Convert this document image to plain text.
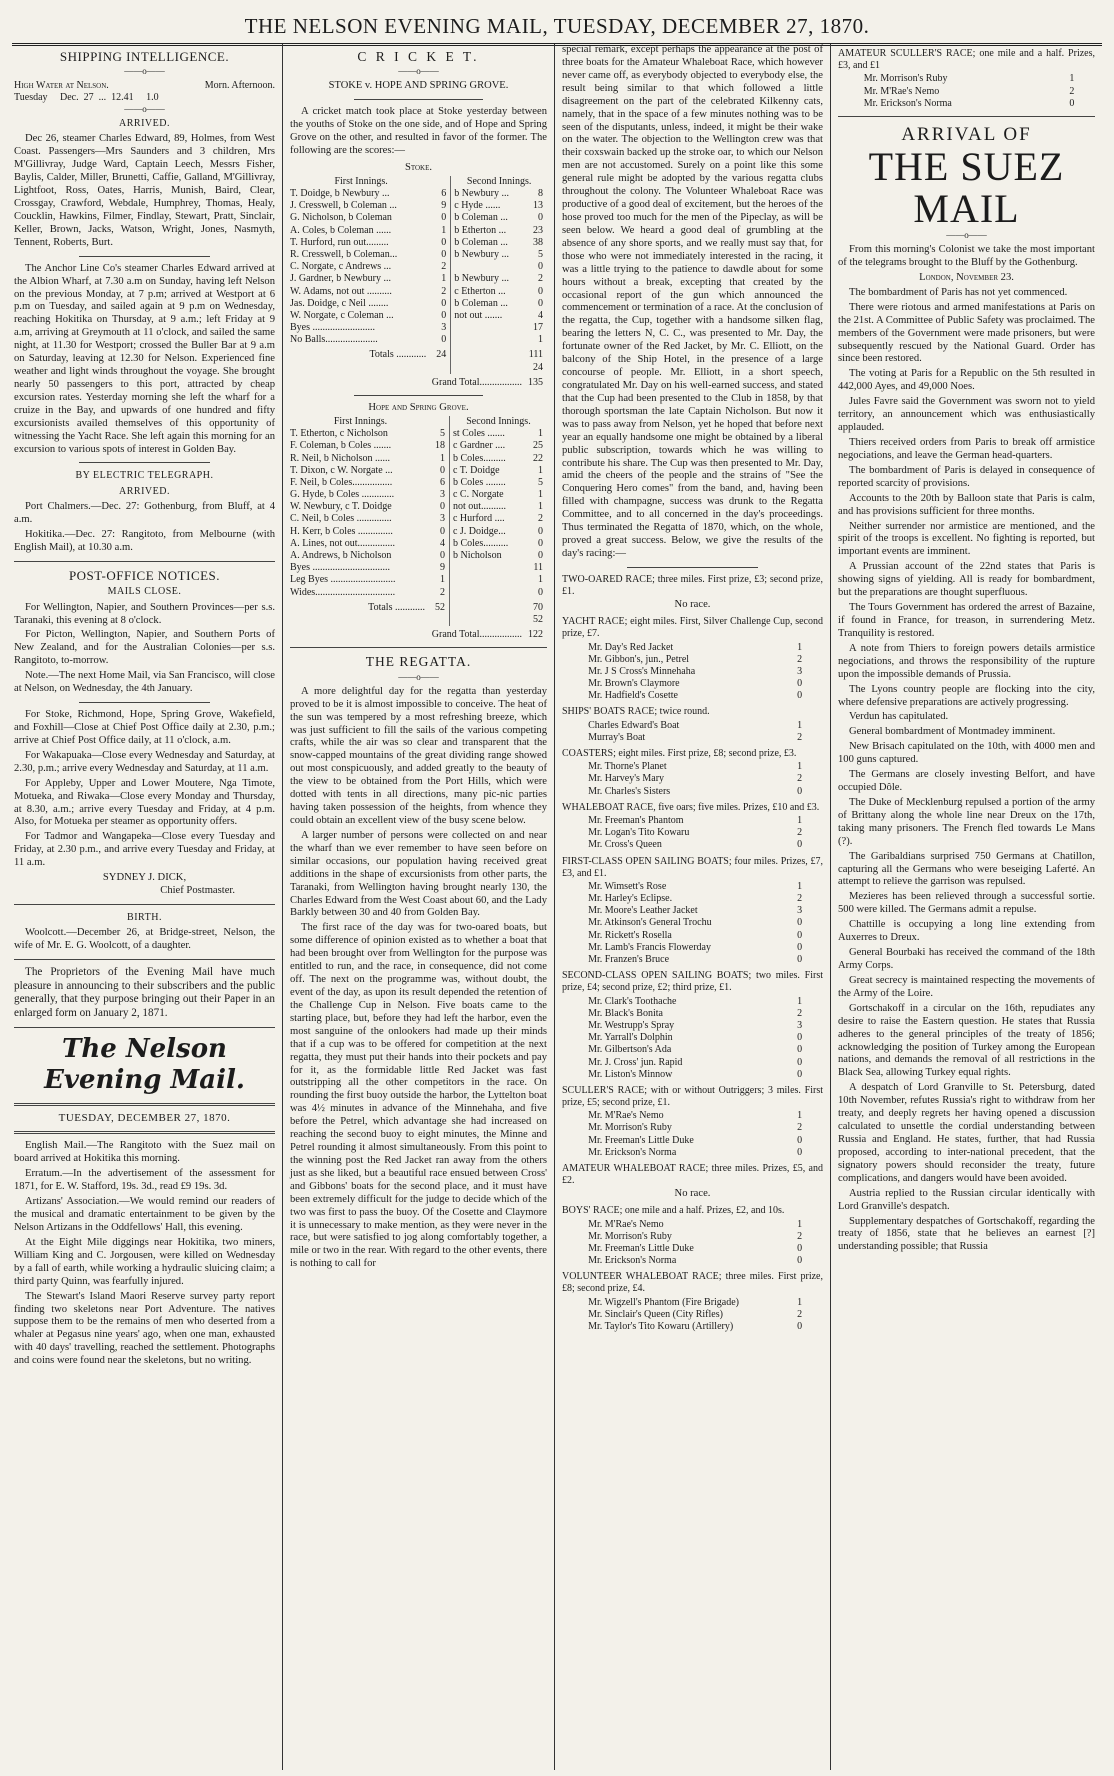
THE NELSON EVENING MAIL, TUESDAY, DECEMBER 27, 1870.
SHIPPING INTELLIGENCE.
——o——
High Water at Nelson.	Morn. Afternoon.
Tuesday     Dec.  27  ...  12.41     1.0
——o——
ARRIVED.

Dec 26, steamer Charles Edward, 89, Holmes, from West Coast. Passengers—Mrs Saunders and 3 children, Mrs M'Gillivray, Judge Ward, Captain Leech, Messrs Fisher, Baylis, Calder, Miller, Brunetti, Caffie, Galland, M'Gillivray, Lightfoot, Ross, Oates, Harris, Munish, Baird, Clear, Crossgay, Crawford, Webdale, Humphrey, Thomas, Healy, Coucklin, Hawkins, Filmer, Findlay, Stewart, Pratt, Sinclair, Keller, Brown, Jacks, Watson, Wright, Jones, Nasmyth, Tennent, Roberts, Burt.

The Anchor Line Co's steamer Charles Edward arrived at the Albion Wharf, at 7.30 a.m on Sunday, having left Nelson on the previous Monday, at 7 p.m; arrived at Westport at 6 p.m on Tuesday, and sailed again at 9 p.m on Wednesday, reaching Hokitika on Thursday, at 9 a.m.; left Friday at 9 a.m, arriving at Greymouth at 11 o'clock, and sailed the same night, at 11.30 for Westport; crossed the Buller Bar at 9 a.m on Saturday, leaving at 12.30 for Nelson. Experienced fine weather and light winds throughout the voyage. She brought nearly 50 passengers to this port, attracted by cheap excursion rates. Yesterday morning she left the wharf for a cruize in the Bay, and upwards of one hundred and fifty excursionists availed themselves of this opportunity of witnessing the Yacht Race. She left again this morning for an excursion to various spots of interest in Golden Bay.

BY ELECTRIC TELEGRAPH.
ARRIVED.

Port Chalmers.—Dec. 27: Gothenburg, from Bluff, at 4 a.m.

Hokitika.—Dec. 27: Rangitoto, from Melbourne (with English Mail), at 10.30 a.m.

POST-OFFICE NOTICES.
MAILS CLOSE.

For Wellington, Napier, and Southern Provinces—per s.s. Taranaki, this evening at 8 o'clock.

For Picton, Wellington, Napier, and Southern Ports of New Zealand, and for the Australian Colonies—per s.s. Rangitoto, to-morrow.

Note.—The next Home Mail, via San Francisco, will close at Nelson, on Wednesday, the 4th January.

For Stoke, Richmond, Hope, Spring Grove, Wakefield, and Foxhill—Close at Chief Post Office daily at 2.30, p.m.; arrive at Chief Post Office daily, at 11 o'clock, a.m.

For Wakapuaka—Close every Wednesday and Saturday, at 2.30, p.m.; arrive every Wednesday and Saturday, at 11 a.m.

For Appleby, Upper and Lower Moutere, Nga Timote, Motueka, and Riwaka—Close every Monday and Thursday, at 8.30, a.m.; arrive every Tuesday and Friday, at 4 p.m. Also, for Motueka per steamer as opportunity offers.

For Tadmor and Wangapeka—Close every Tuesday and Friday, at 2.30 p.m., and arrive every Tuesday and Friday, at 11 a.m.

SYDNEY J. DICK,
Chief Postmaster.
BIRTH.

Woolcott.—December 26, at Bridge-street, Nelson, the wife of Mr. E. G. Woolcott, of a daughter.

The Proprietors of the Evening Mail have much pleasure in announcing to their subscribers and the public generally, that they purpose bringing out their Paper in an enlarged form on January 2, 1871.

The Nelson Evening Mail.
TUESDAY, DECEMBER 27, 1870.

English Mail.—The Rangitoto with the Suez mail on board arrived at Hokitika this morning.

Erratum.—In the advertisement of the assessment for 1871, for E. W. Stafford, 19s. 3d., read £9 19s. 3d.

Artizans' Association.—We would remind our readers of the musical and dramatic entertainment to be given by the Nelson Artizans in the Oddfellows' Hall, this evening.

At the Eight Mile diggings near Hokitika, two miners, William King and C. Jorgousen, were killed on Wednesday by a fall of earth, while working a hydraulic sluicing claim; a third party Quinn, was fearfully injured.

The Stewart's Island Maori Reserve survey party report finding two skeletons near Port Adventure. The natives suppose them to be the remains of men who deserted from a whaler at Pegasus nine years' ago, when one man, exhausted with 40 days' travelling, reached the settlement. Photographs and coins were found near the skeletons, but no writing.

C R I C K E T.
——o——
STOKE v. HOPE AND SPRING GROVE.

A cricket match took place at Stoke yesterday between the youths of Stoke on the one side, and of Hope and Spring Grove on the other, and resulted in favor of the former. The following are the scores:—

Stoke.
First Innings.		Second Innings.	
T. Doidge, b Newbury ...	6	b Newbury ...	8
J. Cresswell, b Coleman ...	9	c Hyde ......	13
G. Nicholson, b Coleman	0	b Coleman ...	0
A. Coles, b Coleman ......	1	b Etherton ...	23
T. Hurford, run out.........	0	b Coleman ...	38
R. Cresswell, b Coleman...	0	b Newbury ...	5
C. Norgate, c Andrews ...	2		0
J. Gardner, b Newbury ...	1	b Newbury ...	2
W. Adams, not out ..........	2	c Etherton ...	0
Jas. Doidge, c Neil ........	0	b Coleman ...	0
W. Norgate, c Coleman ...	0	not out .......	4
Byes .........................	3		17
No Balls.....................	0		1
Totals ............	24		111
			24
Grand Total.................			135
Hope and Spring Grove.
First Innings.		Second Innings.	
T. Etherton, c Nicholson	5	st Coles .......	1
F. Coleman, b Coles .......	18	c Gardner ....	25
R. Neil, b Nicholson ......	1	b Coles.........	22
T. Dixon, c W. Norgate ...	0	c T. Doidge	1
F. Neil, b Coles................	6	b Coles ........	5
G. Hyde, b Coles .............	3	c C. Norgate	1
W. Newbury, c T. Doidge	0	not out..........	1
C. Neil, b Coles ..............	3	c Hurford ....	2
H. Kerr, b Coles ..............	0	c J. Doidge...	0
A. Lines, not out...............	4	b Coles..........	0
A. Andrews, b Nicholson	0	b Nicholson	0
Byes ...............................	9		11
Leg Byes ..........................	1		1
Wides................................	2		0
Totals ............	52		70
			52
Grand Total.................			122
THE REGATTA.
——o——

A more delightful day for the regatta than yesterday proved to be it is almost impossible to conceive. The heat of the sun was tempered by a most refreshing breeze, which was just sufficient to fill the sails of the various competing crafts, while the air was so clear and transparent that the snow-capped mountains of the great dividing range showed out most conspicuously, and added greatly to the beauty of the view to be obtained from the Port Hills, which were dotted with tents in all directions, many pic-nic parties having taken possession of the heights, from whence they could obtain an excellent view of the busy scene below.

A larger number of persons were collected on and near the wharf than we ever remember to have seen before on similar occasions, our population having received great additions in the shape of excursionists from other parts, the Taranaki, from Wellington having brought nearly 130, the Charles Edward from the West Coast about 60, and the Lady Barkly between 30 and 40 from Golden Bay.

The first race of the day was for two-oared boats, but some difference of opinion existed as to whether a boat that had been brought over from Wellington for the purpose was entitled to run, and the race, in consequence, did not come off. The next on the programme was, without doubt, the event of the day, as upon its result depended the retention of the Challenge Cup in Nelson. Five boats came to the starting place, but, before they had left the harbor, even the most sanguine of the onlookers had made up their minds that if a cup was to be offered for competition at the next regatta, they must put their hands into their pockets and pay for it, as the formidable little Red Jacket was fast outstripping all the other competitors in the race. On rounding the first buoy outside the harbor, the Lyttelton boat was 4½ minutes in advance of the Minnehaha, and five before the Petrel, which advantage she had increased on reaching the second buoy to eight minutes, the Minne and Petrel rounding it almost simultaneously. From this point to the winning post the Red Jacket ran away from the others just as she liked, but a beautiful race ensued between Cross' and Gibbons' boats for the second place, and it must have been extremely difficult for the judge to decide which of the two was first to pass the buoy. Of the Cosette and Claymore it is unnecessary to make mention, as they were never in the race, but were satisfied to jog along comfortably together, a mile or two in the rear. With regard to the other events, there is nothing to call for

special remark, except perhaps the appearance at the post of three boats for the Amateur Whaleboat Race, which however never came off, as everybody objected to everybody else, the result being similar to that which followed a little disagreement on the part of the celebrated Kilkenny cats, namely, that in the space of a few minutes nothing was to be seen of the disputants, unless, indeed, it might be their wake on the water. The objection to the Wellington crew was that their coxswain backed up the stroke oar, to which our Nelson men are not accustomed. Surely on a point like this some general rule might be adopted by the various regatta clubs throughout the colony. The Volunteer Whaleboat Race was productive of a good deal of excitement, but the heroes of the hose proved too much for the men of the Pipeclay, as will be seen below. We heard a good deal of grumbling at the absence of any shore sports, and we really must say that, for those who were not immediately interested in the racing, it was a little trying to the patience to dawdle about for some hours without a break, excepting that created by the occasional report of the gun which announced the commencement or termination of a race. At the conclusion of the regatta, the Cup, together with a handsome silken flag, bearing the letters N, C. C., was presented to Mr. Day, the fortunate owner of the Red Jacket, by Mr. C. Elliott, on the balcony of the Ship Hotel, in the presence of a large concourse of people. Mr. Elliott, in a short speech, congratulated Mr. Day on his well-earned success, and stated that the Cup had been presented to the Club in 1858, by that thorough sportsman the late Captain Nicholson. But now it was to pass away from Nelson, yet he hoped that before next year an equally handsome one might be obtained by a liberal public subscription, towards which he was willing to contribute his share. The Cup was then presented to Mr. Day, amid the cheers of the people and the strains of "See the Conquering Hero comes" from the band, and, having been filled with champagne, success was drunk to the Regatta Committee, and to all concerned in the day's proceedings. Thus terminated the Regatta of 1870, which, on the whole, proved a great success. Below, we give the results of the day's racing:—

TWO-OARED RACE; three miles. First prize, £3; second prize, £1.
No race.
YACHT RACE; eight miles. First, Silver Challenge Cup, second prize, £7.
Mr. Day's Red Jacket	1
Mr. Gibbon's, jun., Petrel	2
Mr. J S Cross's Minnehaha	3
Mr. Brown's Claymore	0
Mr. Hadfield's Cosette	0
SHIPS' BOATS RACE; twice round.
Charles Edward's Boat	1
Murray's Boat	2
COASTERS; eight miles. First prize, £8; second prize, £3.
Mr. Thorne's Planet	1
Mr. Harvey's Mary	2
Mr. Charles's Sisters	0
WHALEBOAT RACE, five oars; five miles. Prizes, £10 and £3.
Mr. Freeman's Phantom	1
Mr. Logan's Tito Kowaru	2
Mr. Cross's Queen	0
FIRST-CLASS OPEN SAILING BOATS; four miles. Prizes, £7, £3, and £1.
Mr. Wimsett's Rose	1
Mr. Harley's Eclipse.	2
Mr. Moore's Leather Jacket	3
Mr. Atkinson's General Trochu	0
Mr. Rickett's Rosella	0
Mr. Lamb's Francis Flowerday	0
Mr. Franzen's Bruce	0
SECOND-CLASS OPEN SAILING BOATS; two miles. First prize, £4; second prize, £2; third prize, £1.
Mr. Clark's Toothache	1
Mr. Black's Bonita	2
Mr. Westrupp's Spray	3
Mr. Yarrall's Dolphin	0
Mr. Gilbertson's Ada	0
Mr. J. Cross' jun. Rapid	0
Mr. Liston's Minnow	0
SCULLER'S RACE; with or without Outriggers; 3 miles. First prize, £5; second prize, £1.
Mr. M'Rae's Nemo	1
Mr. Morrison's Ruby	2
Mr. Freeman's Little Duke	0
Mr. Erickson's Norma	0
AMATEUR WHALEBOAT RACE; three miles. Prizes, £5, and £2.
No race.
BOYS' RACE; one mile and a half. Prizes, £2, and 10s.
Mr. M'Rae's Nemo	1
Mr. Morrison's Ruby	2
Mr. Freeman's Little Duke	0
Mr. Erickson's Norma	0
VOLUNTEER WHALEBOAT RACE; three miles. First prize, £8; second prize, £4.
Mr. Wigzell's Phantom (Fire Brigade)	1
Mr. Sinclair's Queen (City Rifles)	2
Mr. Taylor's Tito Kowaru (Artillery)	0
AMATEUR SCULLER'S RACE; one mile and a half. Prizes, £3, and £1
Mr. Morrison's Ruby	1
Mr. M'Rae's Nemo	2
Mr. Erickson's Norma	0
ARRIVAL OF
THE SUEZ MAIL
——o——

From this morning's Colonist we take the most important of the telegrams brought to the Bluff by the Gothenburg.

London, November 23.

The bombardment of Paris has not yet commenced.

There were riotous and armed manifestations at Paris on the 21st. A Committee of Public Safety was proclaimed. The members of the Government were made prisoners, but were subsequently rescued by the National Guard. Order has since been restored.

The voting at Paris for a Republic on the 5th resulted in 442,000 Ayes, and 49,000 Noes.

Jules Favre said the Government was sworn not to yield territory, an announcement which was enthusiastically applauded.

Thiers received orders from Paris to break off armistice negociations, and leave the German head-quarters.

The bombardment of Paris is delayed in consequence of reported scarcity of provisions.

Accounts to the 20th by Balloon state that Paris is calm, and has provisions sufficient for three months.

Neither surrender nor armistice are mentioned, and the spirit of the troops is excellent. No fighting is reported, but important events are imminent.

A Prussian account of the 22nd states that Paris is showing signs of yielding. All is ready for bombardment, but the preparations are thought superfluous.

The Tours Government has ordered the arrest of Bazaine, if found in France, for treason, in surrendering Metz. Tranquility is restored.

A note from Thiers to foreign powers details armistice negociations, and throws the responsibility of the rupture upon the impossible demands of Prussia.

The Lyons country people are flocking into the city, where defensive preparations are actively progressing.

Verdun has capitulated.

General bombardment of Montmadey imminent.

New Brisach capitulated on the 10th, with 4000 men and 100 guns captured.

The Germans are closely investing Belfort, and have occupied Dôle.

The Duke of Mecklenburg repulsed a portion of the army of Brittany along the whole line near Dreux on the 17th, taking many prisoners. The French fled towards Le Mans (?).

The Garibaldians surprised 750 Germans at Chatillon, capturing all the Germans who were beseiging Laferté. An attempt to relieve the garrison was repulsed.

Mezieres has been relieved through a successful sortie. 500 were killed. The Germans admit a repulse.

Chattille is occupying a long line extending from Auxerres to Dreux.

General Bourbaki has received the command of the 18th Army Corps.

Great secrecy is maintained respecting the movements of the Army of the Loire.

Gortschakoff in a circular on the 16th, repudiates any desire to raise the Eastern question. He states that Russia adheres to the general principles of the treaty of 1856; acknowledging the position of Turkey among the European nations, and demands the removal of all restrictions in the Black Sea, allowing Turkey equal rights.

A despatch of Lord Granville to St. Petersburg, dated 10th November, refutes Russia's right to withdraw from her treaty, and deeply regrets her having opened a discussion calculated to unsettle the cordial understanding between Russia and England. He states, further, that had Russia proposed, according to inter-national precedent, that the signatory powers should reconsider the treaty, future complications, and dangers would have been avoided.

Austria replied to the Russian circular identically with Lord Granville's despatch.

Supplementary despatches of Gortschakoff, regarding the treaty of 1856, state that he believes an earnest [?] understanding possible; that Russia
